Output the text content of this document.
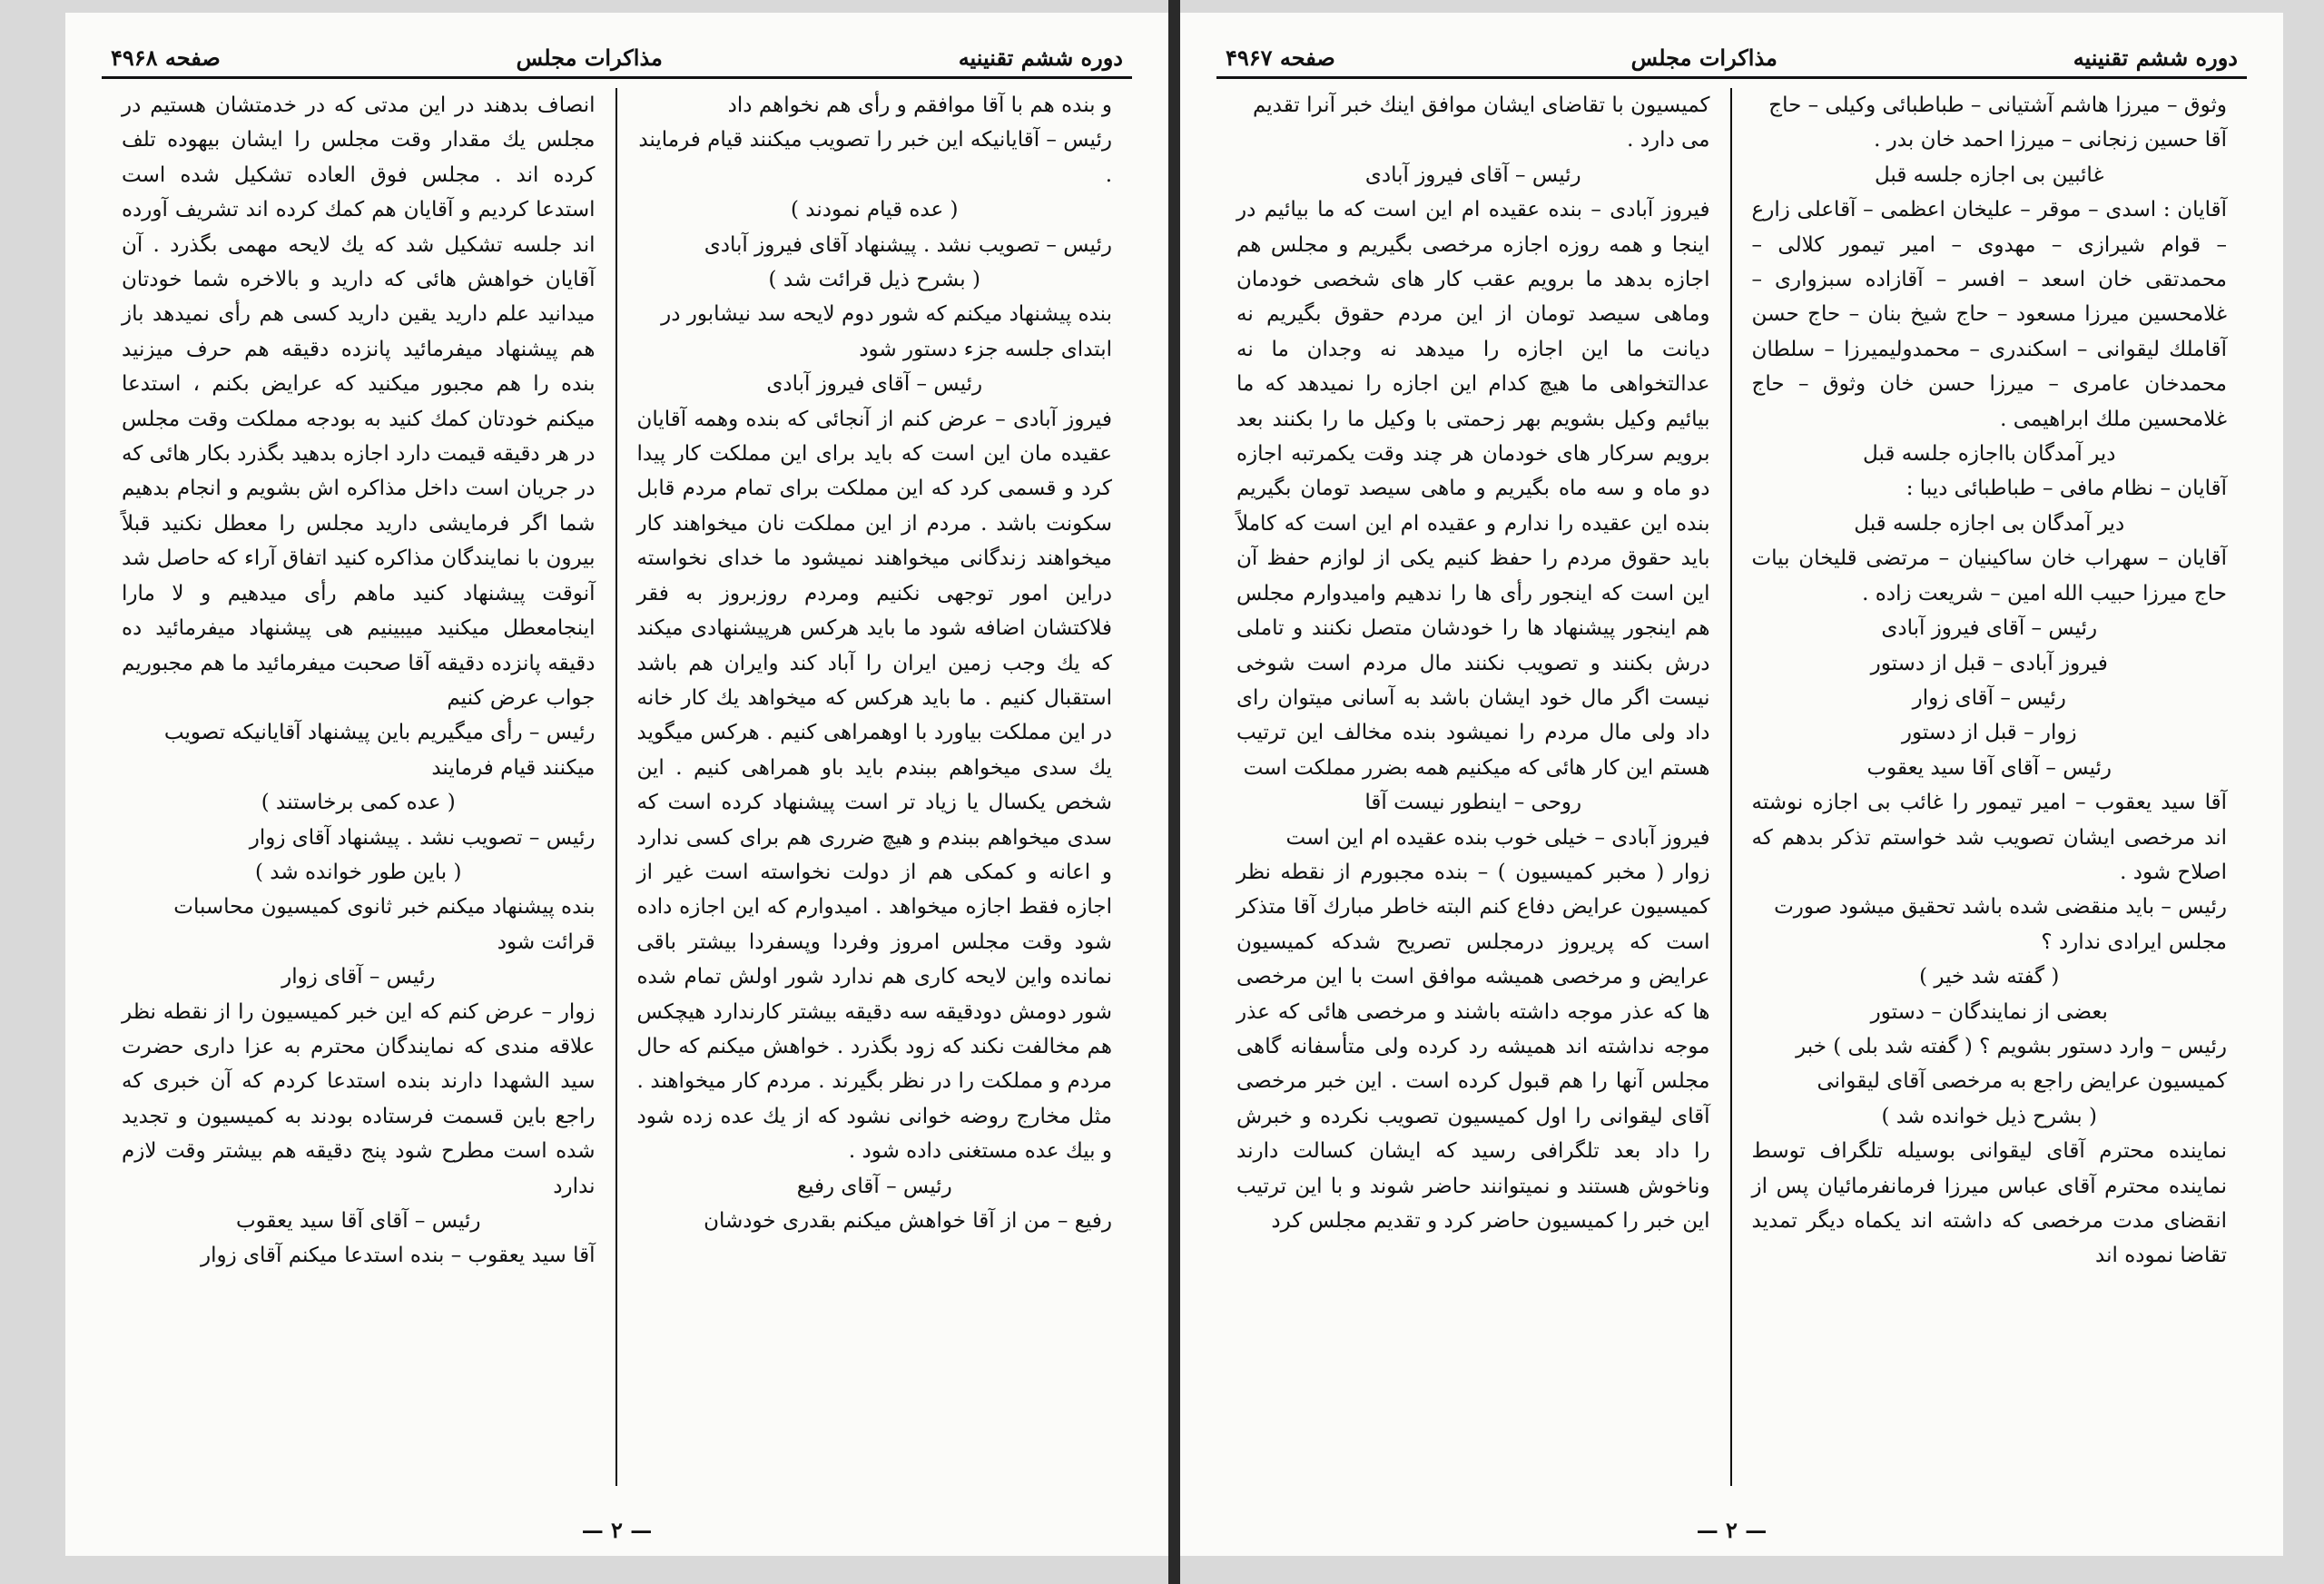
دوره ششم تقنینیه
مذاکرات مجلس
صفحه ۴۹۶۸

و بنده هم با آقا موافقم و رأی هم نخواهم داد

رئیس – آقایانیکه این خبر را تصویب میکنند قیام فرمایند .

( عده قیام نمودند )

رئیس – تصویب نشد . پیشنهاد آقای فیروز آبادی

( بشرح ذیل قرائت شد )

بنده پیشنهاد میکنم که شور دوم لایحه سد نیشابور در ابتدای جلسه جزء دستور شود

رئیس – آقای فیروز آبادی

فیروز آبادی – عرض کنم از آنجائی که بنده وهمه آقایان عقیده مان این است که باید برای این مملکت کار پیدا کرد و قسمی کرد که این مملکت برای تمام مردم قابل سکونت باشد . مردم از این مملکت نان میخواهند کار میخواهند زندگانی میخواهند نمیشود ما خدای نخواسته دراین امور توجهی نکنیم ومردم روزبروز به فقر فلاکتشان اضافه شود ما باید هرکس هرپیشنهادی میکند که یك وجب زمین ایران را آباد کند وایران هم باشد استقبال کنیم . ما باید هرکس که میخواهد یك کار خانه در این مملکت بیاورد با اوهمراهی کنیم . هرکس میگوید یك سدی میخواهم ببندم باید باو همراهی کنیم . این شخص یکسال یا زیاد تر است پیشنهاد کرده است که سدی میخواهم ببندم و هیچ ضرری هم برای کسی ندارد و اعانه و کمکی هم از دولت نخواسته است غیر از اجازه فقط اجازه میخواهد . امیدوارم که این اجازه داده شود وقت مجلس امروز وفردا وپسفردا بیشتر باقی نمانده واین لایحه کاری هم ندارد شور اولش تمام شده شور دومش دودقیقه سه دقیقه بیشتر کارندارد هیچکس هم مخالفت نکند که زود بگذرد . خواهش میکنم که حال مردم و مملکت را در نظر بگیرند . مردم کار میخواهند . مثل مخارج روضه خوانی نشود که از یك عده زده شود و بیك عده مستغنی داده شود .

رئیس – آقای رفیع

رفیع – من از آقا خواهش میکنم بقدری خودشان

انصاف بدهند در این مدتی که در خدمتشان هستیم در مجلس یك مقدار وقت مجلس را ایشان بیهوده تلف کرده اند . مجلس فوق العاده تشکیل شده است استدعا کردیم و آقایان هم کمك کرده اند تشریف آورده اند جلسه تشکیل شد که یك لایحه مهمی بگذرد . آن آقایان خواهش هائی که دارید و بالاخره شما خودتان میدانید علم دارید یقین دارید کسی هم رأی نمیدهد باز هم پیشنهاد میفرمائید پانزده دقیقه هم حرف میزنید بنده را هم مجبور میکنید که عرایض بکنم ، استدعا میکنم خودتان کمك کنید به بودجه مملکت وقت مجلس در هر دقیقه قیمت دارد اجازه بدهید بگذرد بکار هائی که در جریان است داخل مذاکره اش بشویم و انجام بدهیم شما اگر فرمایشی دارید مجلس را معطل نکنید قبلاً بیرون با نمایندگان مذاکره کنید اتفاق آراء که حاصل شد آنوقت پیشنهاد کنید ماهم رأی میدهیم و لا مارا اینجامعطل میکنید میبینیم هی پیشنهاد میفرمائید ده دقیقه پانزده دقیقه آقا صحبت میفرمائید ما هم مجبوریم جواب عرض کنیم

رئیس – رأی میگیریم باین پیشنهاد آقایانیکه تصویب میکنند قیام فرمایند

( عده کمی برخاستند )

رئیس – تصویب نشد . پیشنهاد آقای زوار

( باین طور خوانده شد )

بنده پیشنهاد میکنم خبر ثانوی کمیسیون محاسبات قرائت شود

رئیس – آقای زوار

زوار – عرض کنم که این خبر کمیسیون را از نقطه نظر علاقه مندی که نمایندگان محترم به عزا داری حضرت سید الشهدا دارند بنده استدعا کردم که آن خبری که راجع باین قسمت فرستاده بودند به کمیسیون و تجدید شده است مطرح شود پنج دقیقه هم بیشتر وقت لازم ندارد

رئیس – آقای آقا سید یعقوب

آقا سید یعقوب – بنده استدعا میکنم آقای زوار

— ۲ —
دوره ششم تقنینیه
مذاکرات مجلس
صفحه ۴۹۶۷

وثوق – میرزا هاشم آشتیانی – طباطبائی وکیلی – حاج آقا حسین زنجانی – میرزا احمد خان بدر .

غائبین بی اجازه جلسه قبل

آقایان : اسدی – موقر – علیخان اعظمی – آقاعلی زارع – قوام شیرازی – مهدوی – امیر تیمور کلالی – محمدتقی خان اسعد – افسر – آقازاده سبزواری – غلامحسین میرزا مسعود – حاج شیخ بنان – حاج حسن آقاملك لیقوانی – اسکندری – محمدولیمیرزا – سلطان محمدخان عامری – میرزا حسن خان وثوق – حاج غلامحسین ملك ابراهیمی .

دیر آمدگان بااجازه جلسه قبل

آقایان – نظام مافی – طباطبائی دیبا :

دیر آمدگان بی اجازه جلسه قبل

آقایان – سهراب خان ساکینیان – مرتضی قلیخان بیات حاج میرزا حبیب الله امین – شریعت زاده .

رئیس – آقای فیروز آبادی

فیروز آبادی – قبل از دستور

رئیس – آقای زوار

زوار – قبل از دستور

رئیس – آقای آقا سید یعقوب

آقا سید یعقوب – امیر تیمور را غائب بی اجازه نوشته اند مرخصی ایشان تصویب شد خواستم تذکر بدهم که اصلاح شود .

رئیس – باید منقضی شده باشد تحقیق میشود صورت مجلس ایرادی ندارد ؟

( گفته شد خیر )

بعضی از نمایندگان – دستور

رئیس – وارد دستور بشویم ؟ ( گفته شد بلی ) خبر کمیسیون عرایض راجع به مرخصی آقای لیقوانی

( بشرح ذیل خوانده شد )

نماینده محترم آقای لیقوانی بوسیله تلگراف توسط نماینده محترم آقای عباس میرزا فرمانفرمائیان پس از انقضای مدت مرخصی که داشته اند یکماه دیگر تمدید تقاضا نموده اند

کمیسیون با تقاضای ایشان موافق اینك خبر آنرا تقدیم می دارد .

رئیس – آقای فیروز آبادی

فیروز آبادی – بنده عقیده ام این است که ما بیائیم در اینجا و همه روزه اجازه مرخصی بگیریم و مجلس هم اجازه بدهد ما برویم عقب کار های شخصی خودمان وماهی سیصد تومان از این مردم حقوق بگیریم نه دیانت ما این اجازه را میدهد نه وجدان ما نه عدالتخواهی ما هیچ کدام این اجازه را نمیدهد که ما بیائیم وکیل بشویم بهر زحمتی با وکیل ما را بکنند بعد برویم سرکار های خودمان هر چند وقت یکمرتبه اجازه دو ماه و سه ماه بگیریم و ماهی سیصد تومان بگیریم بنده این عقیده را ندارم و عقیده ام این است که کاملاً باید حقوق مردم را حفظ کنیم یکی از لوازم حفظ آن این است که اینجور رأی ها را ندهیم وامیدوارم مجلس هم اینجور پیشنهاد ها را خودشان متصل نکنند و تاملی درش بکنند و تصویب نکنند مال مردم است شوخی نیست اگر مال خود ایشان باشد به آسانی میتوان رای داد ولی مال مردم را نمیشود بنده مخالف این ترتیب هستم این کار هائی که میکنیم همه بضرر مملکت است

روحی – اینطور نیست آقا

فیروز آبادی – خیلی خوب بنده عقیده ام این است

زوار ( مخبر کمیسیون ) – بنده مجبورم از نقطه نظر کمیسیون عرایض دفاع کنم البته خاطر مبارك آقا متذکر است که پریروز درمجلس تصریح شدکه کمیسیون عرایض و مرخصی همیشه موافق است با این مرخصی ها که عذر موجه داشته باشند و مرخصی هائی که عذر موجه نداشته اند همیشه رد کرده ولی متأسفانه گاهی مجلس آنها را هم قبول کرده است . این خبر مرخصی آقای لیقوانی را اول کمیسیون تصویب نکرده و خبرش را داد بعد تلگرافی رسید که ایشان کسالت دارند وناخوش هستند و نمیتوانند حاضر شوند و با این ترتیب این خبر را کمیسیون حاضر کرد و تقدیم مجلس کرد

— ۲ —
